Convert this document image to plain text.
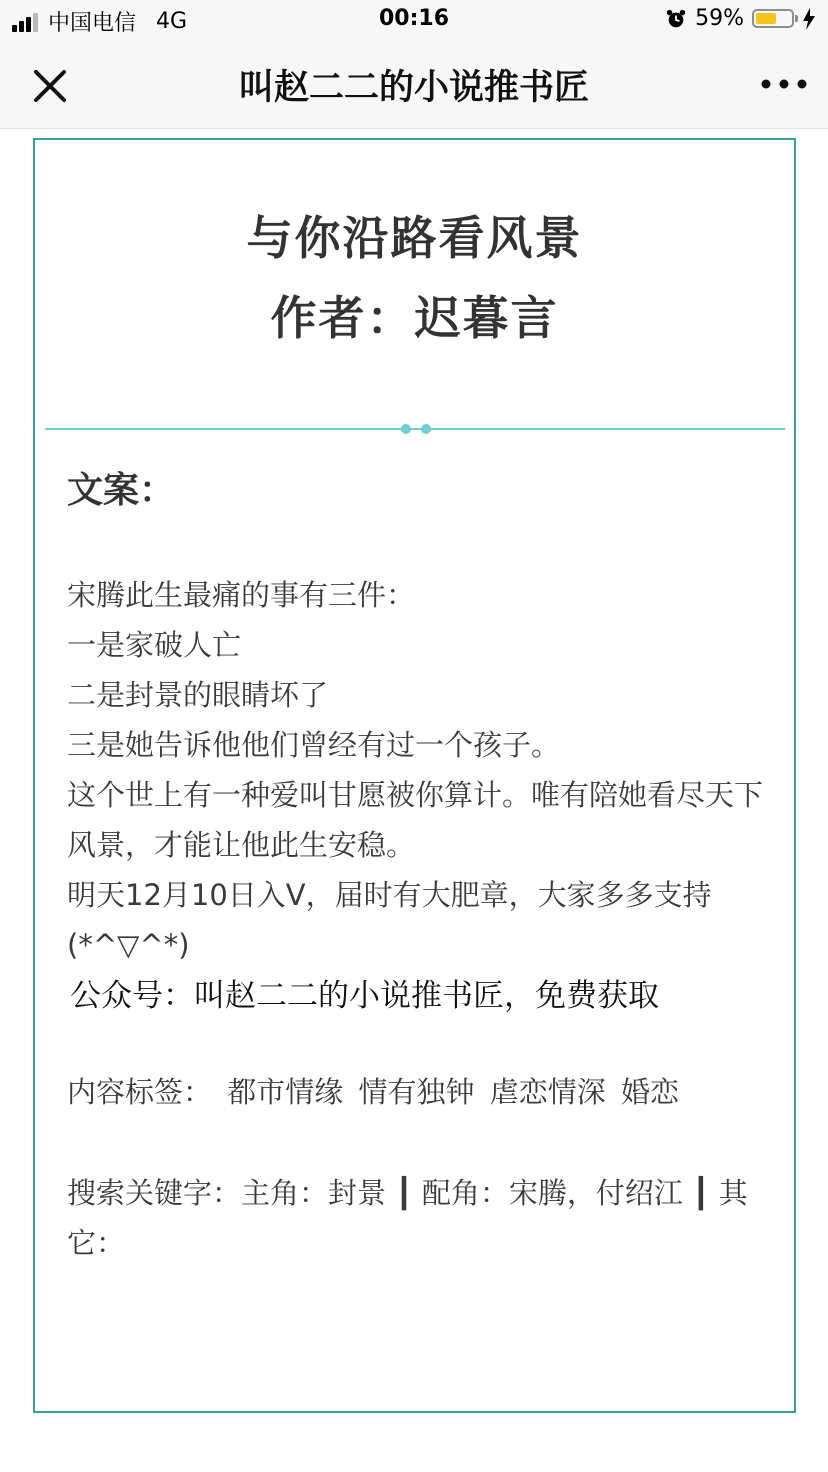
中国电信 4G	00:16	59%
叫赵二二的小说推书匠
与你沿路看风景
作者：迟暮言
文案：
宋腾此生最痛的事有三件：
一是家破人亡
二是封景的眼睛坏了
三是她告诉他他们曾经有过一个孩子。
这个世上有一种爱叫甘愿被你算计。唯有陪她看尽天下风景，才能让他此生安稳。
明天12月10日入V，届时有大肥章，大家多多支持(*^▽^*)
公众号：叫赵二二的小说推书匠，免费获取
内容标签： 都市情缘 情有独钟 虐恋情深 婚恋
搜索关键字：主角：封景 ┃ 配角：宋腾，付绍江 ┃ 其它：
